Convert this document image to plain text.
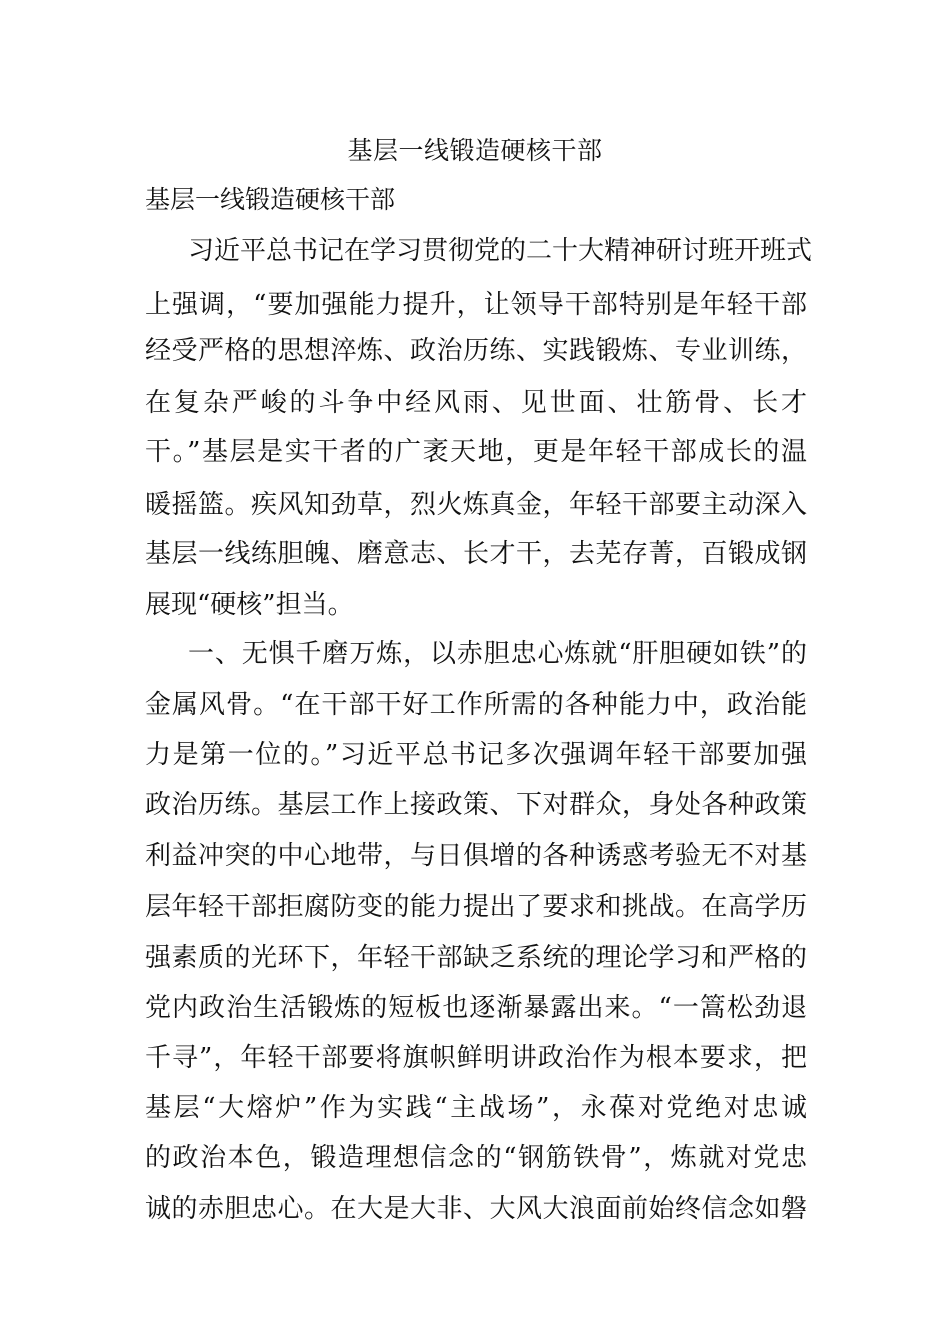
基层一线锻造硬核干部
基层一线锻造硬核干部
习近平总书记在学习贯彻党的二十大精神研讨班开班式
上强调，“要加强能力提升，让领导干部特别是年轻干部
经受严格的思想淬炼、政治历练、实践锻炼、专业训练，
在复杂严峻的斗争中经风雨、见世面、壮筋骨、长才
干。”基层是实干者的广袤天地，更是年轻干部成长的温
暖摇篮。疾风知劲草，烈火炼真金，年轻干部要主动深入
基层一线练胆魄、磨意志、长才干，去芜存菁，百锻成钢
展现“硬核”担当。
一、无惧千磨万炼，以赤胆忠心炼就“肝胆硬如铁”的
金属风骨。“在干部干好工作所需的各种能力中，政治能
力是第一位的。”习近平总书记多次强调年轻干部要加强
政治历练。基层工作上接政策、下对群众，身处各种政策
利益冲突的中心地带，与日俱增的各种诱惑考验无不对基
层年轻干部拒腐防变的能力提出了要求和挑战。在高学历
强素质的光环下，年轻干部缺乏系统的理论学习和严格的
党内政治生活锻炼的短板也逐渐暴露出来。“一篙松劲退
千寻”，年轻干部要将旗帜鲜明讲政治作为根本要求，把
基层“大熔炉”作为实践“主战场”，永葆对党绝对忠诚
的政治本色，锻造理想信念的“钢筋铁骨”，炼就对党忠
诚的赤胆忠心。在大是大非、大风大浪面前始终信念如磐
